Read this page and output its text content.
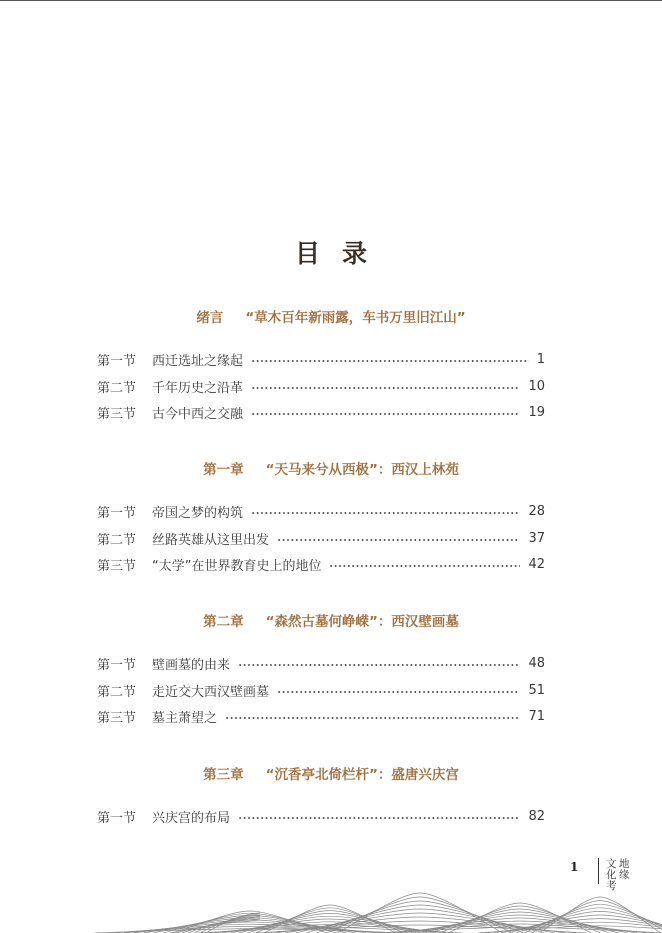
目录
绪言 “草木百年新雨露，车书万里旧江山”
第一节	西迁选址之缘起	1
第二节	千年历史之沿革	10
第三节	古今中西之交融	19
第一章 “天马来兮从西极”：西汉上林苑
第一节	帝国之梦的构筑	28
第二节	丝路英雄从这里出发	37
第三节	“太学”在世界教育史上的地位	42
第二章 “森然古墓何峥嵘”：西汉壁画墓
第一节	壁画墓的由来	48
第二节	走近交大西汉壁画墓	51
第三节	墓主萧望之	71
第三章 “沉香亭北倚栏杆”：盛唐兴庆宫
第一节	兴庆宫的布局	82
1	文
化
考
地
缘
